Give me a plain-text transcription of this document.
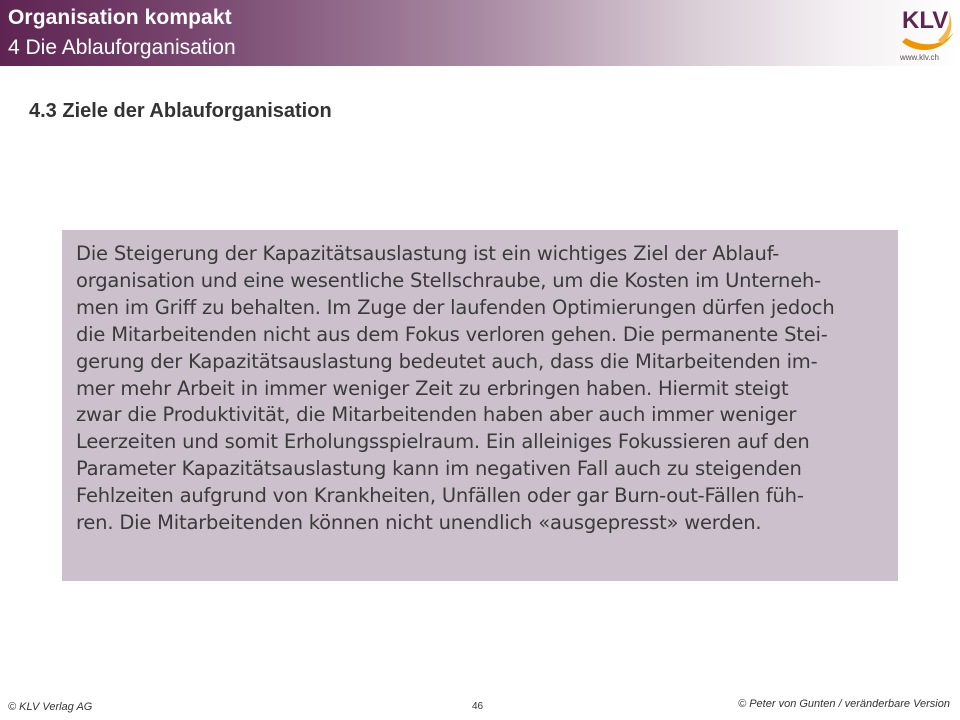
Organisation kompakt
4 Die Ablauforganisation
KLV
www.klv.ch
4.3 Ziele der Ablauforganisation
Die Steigerung der Kapazitätsauslastung ist ein wichtiges Ziel der Ablauf-
organisation und eine wesentliche Stellschraube, um die Kosten im Unterneh-
men im Griff zu behalten. Im Zuge der laufenden Optimierungen dürfen jedoch
die Mitarbeitenden nicht aus dem Fokus verloren gehen. Die permanente Stei-
gerung der Kapazitätsauslastung bedeutet auch, dass die Mitarbeitenden im-
mer mehr Arbeit in immer weniger Zeit zu erbringen haben. Hiermit steigt
zwar die Produktivität, die Mitarbeitenden haben aber auch immer weniger
Leerzeiten und somit Erholungsspielraum. Ein alleiniges Fokussieren auf den
Parameter Kapazitätsauslastung kann im negativen Fall auch zu steigenden
Fehlzeiten aufgrund von Krankheiten, Unfällen oder gar Burn-out-Fällen füh-
ren. Die Mitarbeitenden können nicht unendlich «ausgepresst» werden.
© KLV Verlag AG	46	© Peter von Gunten / veränderbare Version
